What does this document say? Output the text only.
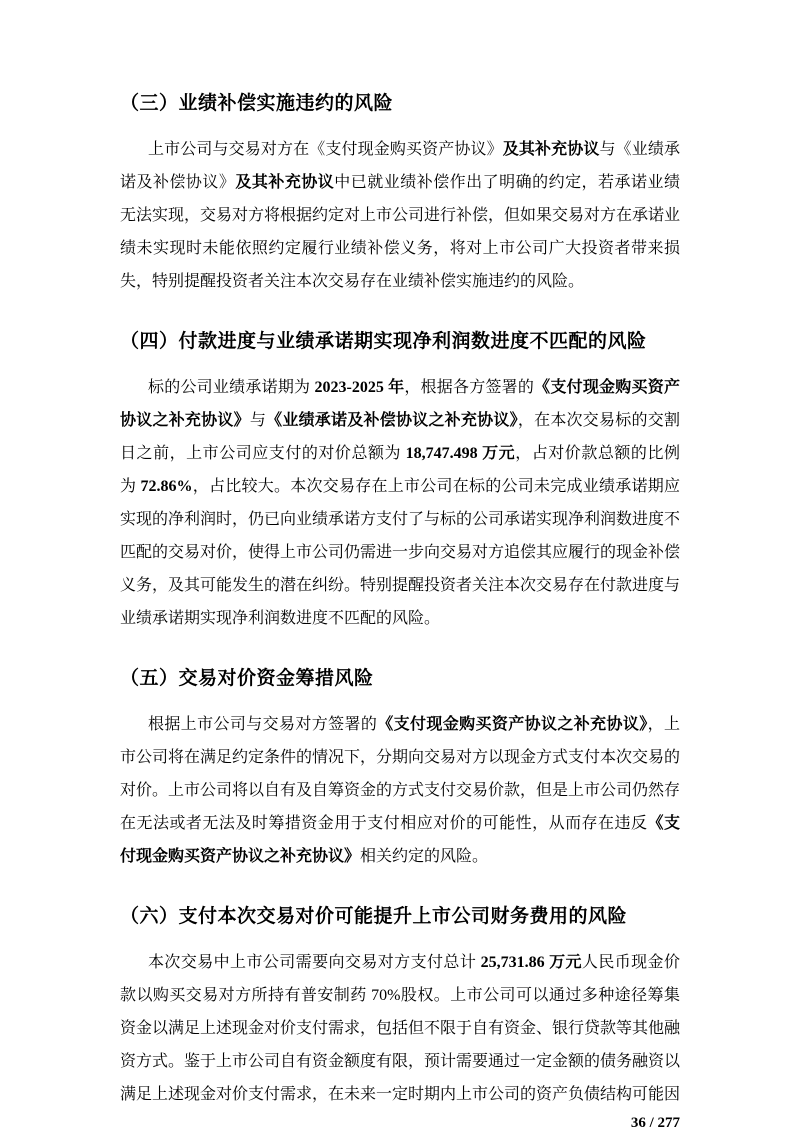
（三）业绩补偿实施违约的风险

上市公司与交易对方在《支付现金购买资产协议》及其补充协议与《业绩承诺及补偿协议》及其补充协议中已就业绩补偿作出了明确的约定，若承诺业绩无法实现，交易对方将根据约定对上市公司进行补偿，但如果交易对方在承诺业绩未实现时未能依照约定履行业绩补偿义务，将对上市公司广大投资者带来损失，特别提醒投资者关注本次交易存在业绩补偿实施违约的风险。

（四）付款进度与业绩承诺期实现净利润数进度不匹配的风险

标的公司业绩承诺期为 2023-2025 年，根据各方签署的《支付现金购买资产协议之补充协议》与《业绩承诺及补偿协议之补充协议》，在本次交易标的交割日之前，上市公司应支付的对价总额为 18,747.498 万元，占对价款总额的比例为 72.86%，占比较大。本次交易存在上市公司在标的公司未完成业绩承诺期应实现的净利润时，仍已向业绩承诺方支付了与标的公司承诺实现净利润数进度不匹配的交易对价，使得上市公司仍需进一步向交易对方追偿其应履行的现金补偿义务，及其可能发生的潜在纠纷。特别提醒投资者关注本次交易存在付款进度与业绩承诺期实现净利润数进度不匹配的风险。

（五）交易对价资金筹措风险

根据上市公司与交易对方签署的《支付现金购买资产协议之补充协议》，上市公司将在满足约定条件的情况下，分期向交易对方以现金方式支付本次交易的对价。上市公司将以自有及自筹资金的方式支付交易价款，但是上市公司仍然存在无法或者无法及时筹措资金用于支付相应对价的可能性，从而存在违反《支付现金购买资产协议之补充协议》相关约定的风险。

（六）支付本次交易对价可能提升上市公司财务费用的风险

本次交易中上市公司需要向交易对方支付总计 25,731.86 万元人民币现金价款以购买交易对方所持有普安制药 70%股权。上市公司可以通过多种途径筹集资金以满足上述现金对价支付需求，包括但不限于自有资金、银行贷款等其他融资方式。鉴于上市公司自有资金额度有限，预计需要通过一定金额的债务融资以满足上述现金对价支付需求，在未来一定时期内上市公司的资产负债结构可能因

36 / 277
